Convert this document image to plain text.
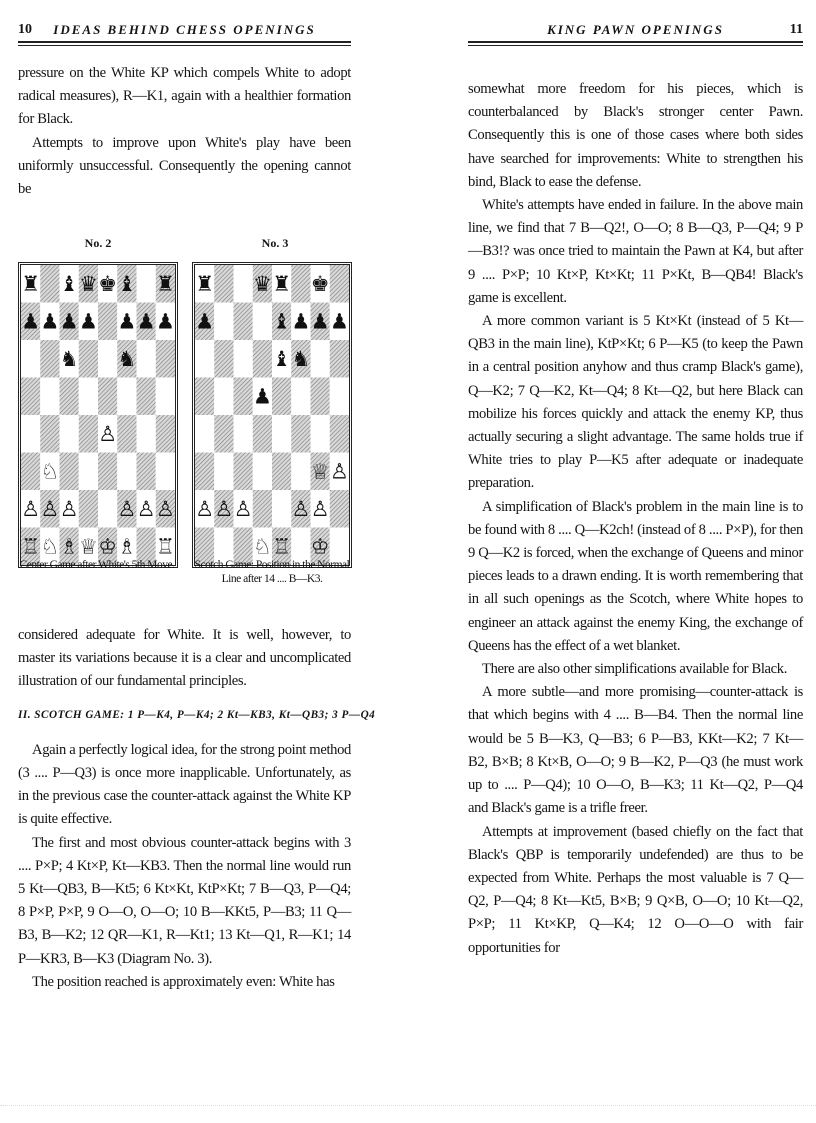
10	IDEAS BEHIND CHESS OPENINGS

pressure on the White KP which compels White to adopt radical measures), R—K1, again with a healthier formation for Black.

Attempts to improve upon White's play have been uniformly unsuccessful. Consequently the opening cannot be

No. 2	No. 3
♜ ♝ ♛ ♚ ♝ ♜
♟ ♟ ♟ ♟ ♟ ♟ ♟
♞ ♞
♙
♘
♙ ♙ ♙ ♙ ♙ ♙
♖ ♘ ♗ ♕ ♔ ♗ ♖
♜ ♛ ♜ ♚
♟	♝ ♟ ♟ ♟
♝ ♞
♟
♕ ♙
♙ ♙ ♙ ♙ ♙
♘ ♖ ♔
Center Game after White's 5th Move.	Scotch Game: Position in the Normal Line after 14 .... B—K3.

considered adequate for White. It is well, however, to master its variations because it is a clear and uncomplicated illustration of our fundamental principles.

II. SCOTCH GAME: 1 P—K4, P—K4; 2 Kt—KB3, Kt—QB3; 3 P—Q4

Again a perfectly logical idea, for the strong point method (3 .... P—Q3) is once more inapplicable. Unfortunately, as in the previous case the counter-attack against the White KP is quite effective.

The first and most obvious counter-attack begins with 3 .... P×P; 4 Kt×P, Kt—KB3. Then the normal line would run 5 Kt—QB3, B—Kt5; 6 Kt×Kt, KtP×Kt; 7 B—Q3, P—Q4; 8 P×P, P×P, 9 O—O, O—O; 10 B—KKt5, P—B3; 11 Q—B3, B—K2; 12 QR—K1, R—Kt1; 13 Kt—Q1, R—K1; 14 P—KR3, B—K3 (Diagram No. 3).

The position reached is approximately even: White has

KING PAWN OPENINGS	11

somewhat more freedom for his pieces, which is counterbalanced by Black's stronger center Pawn. Consequently this is one of those cases where both sides have searched for improvements: White to strengthen his bind, Black to ease the defense.

White's attempts have ended in failure. In the above main line, we find that 7 B—Q2!, O—O; 8 B—Q3, P—Q4; 9 P—B3!? was once tried to maintain the Pawn at K4, but after 9 .... P×P; 10 Kt×P, Kt×Kt; 11 P×Kt, B—QB4! Black's game is excellent.

A more common variant is 5 Kt×Kt (instead of 5 Kt—QB3 in the main line), KtP×Kt; 6 P—K5 (to keep the Pawn in a central position anyhow and thus cramp Black's game), Q—K2; 7 Q—K2, Kt—Q4; 8 Kt—Q2, but here Black can mobilize his forces quickly and attack the enemy KP, thus actually securing a slight advantage. The same holds true if White tries to play P—K5 after adequate or inadequate preparation.

A simplification of Black's problem in the main line is to be found with 8 .... Q—K2ch! (instead of 8 .... P×P), for then 9 Q—K2 is forced, when the exchange of Queens and minor pieces leads to a drawn ending. It is worth remembering that in all such openings as the Scotch, where White hopes to engineer an attack against the enemy King, the exchange of Queens has the effect of a wet blanket.

There are also other simplifications available for Black.

A more subtle—and more promising—counter-attack is that which begins with 4 .... B—B4. Then the normal line would be 5 B—K3, Q—B3; 6 P—B3, KKt—K2; 7 Kt—B2, B×B; 8 Kt×B, O—O; 9 B—K2, P—Q3 (he must work up to .... P—Q4); 10 O—O, B—K3; 11 Kt—Q2, P—Q4 and Black's game is a trifle freer.

Attempts at improvement (based chiefly on the fact that Black's QBP is temporarily undefended) are thus to be expected from White. Perhaps the most valuable is 7 Q—Q2, P—Q4; 8 Kt—Kt5, B×B; 9 Q×B, O—O; 10 Kt—Q2, P×P; 11 Kt×KP, Q—K4; 12 O—O—O with fair opportunities for
